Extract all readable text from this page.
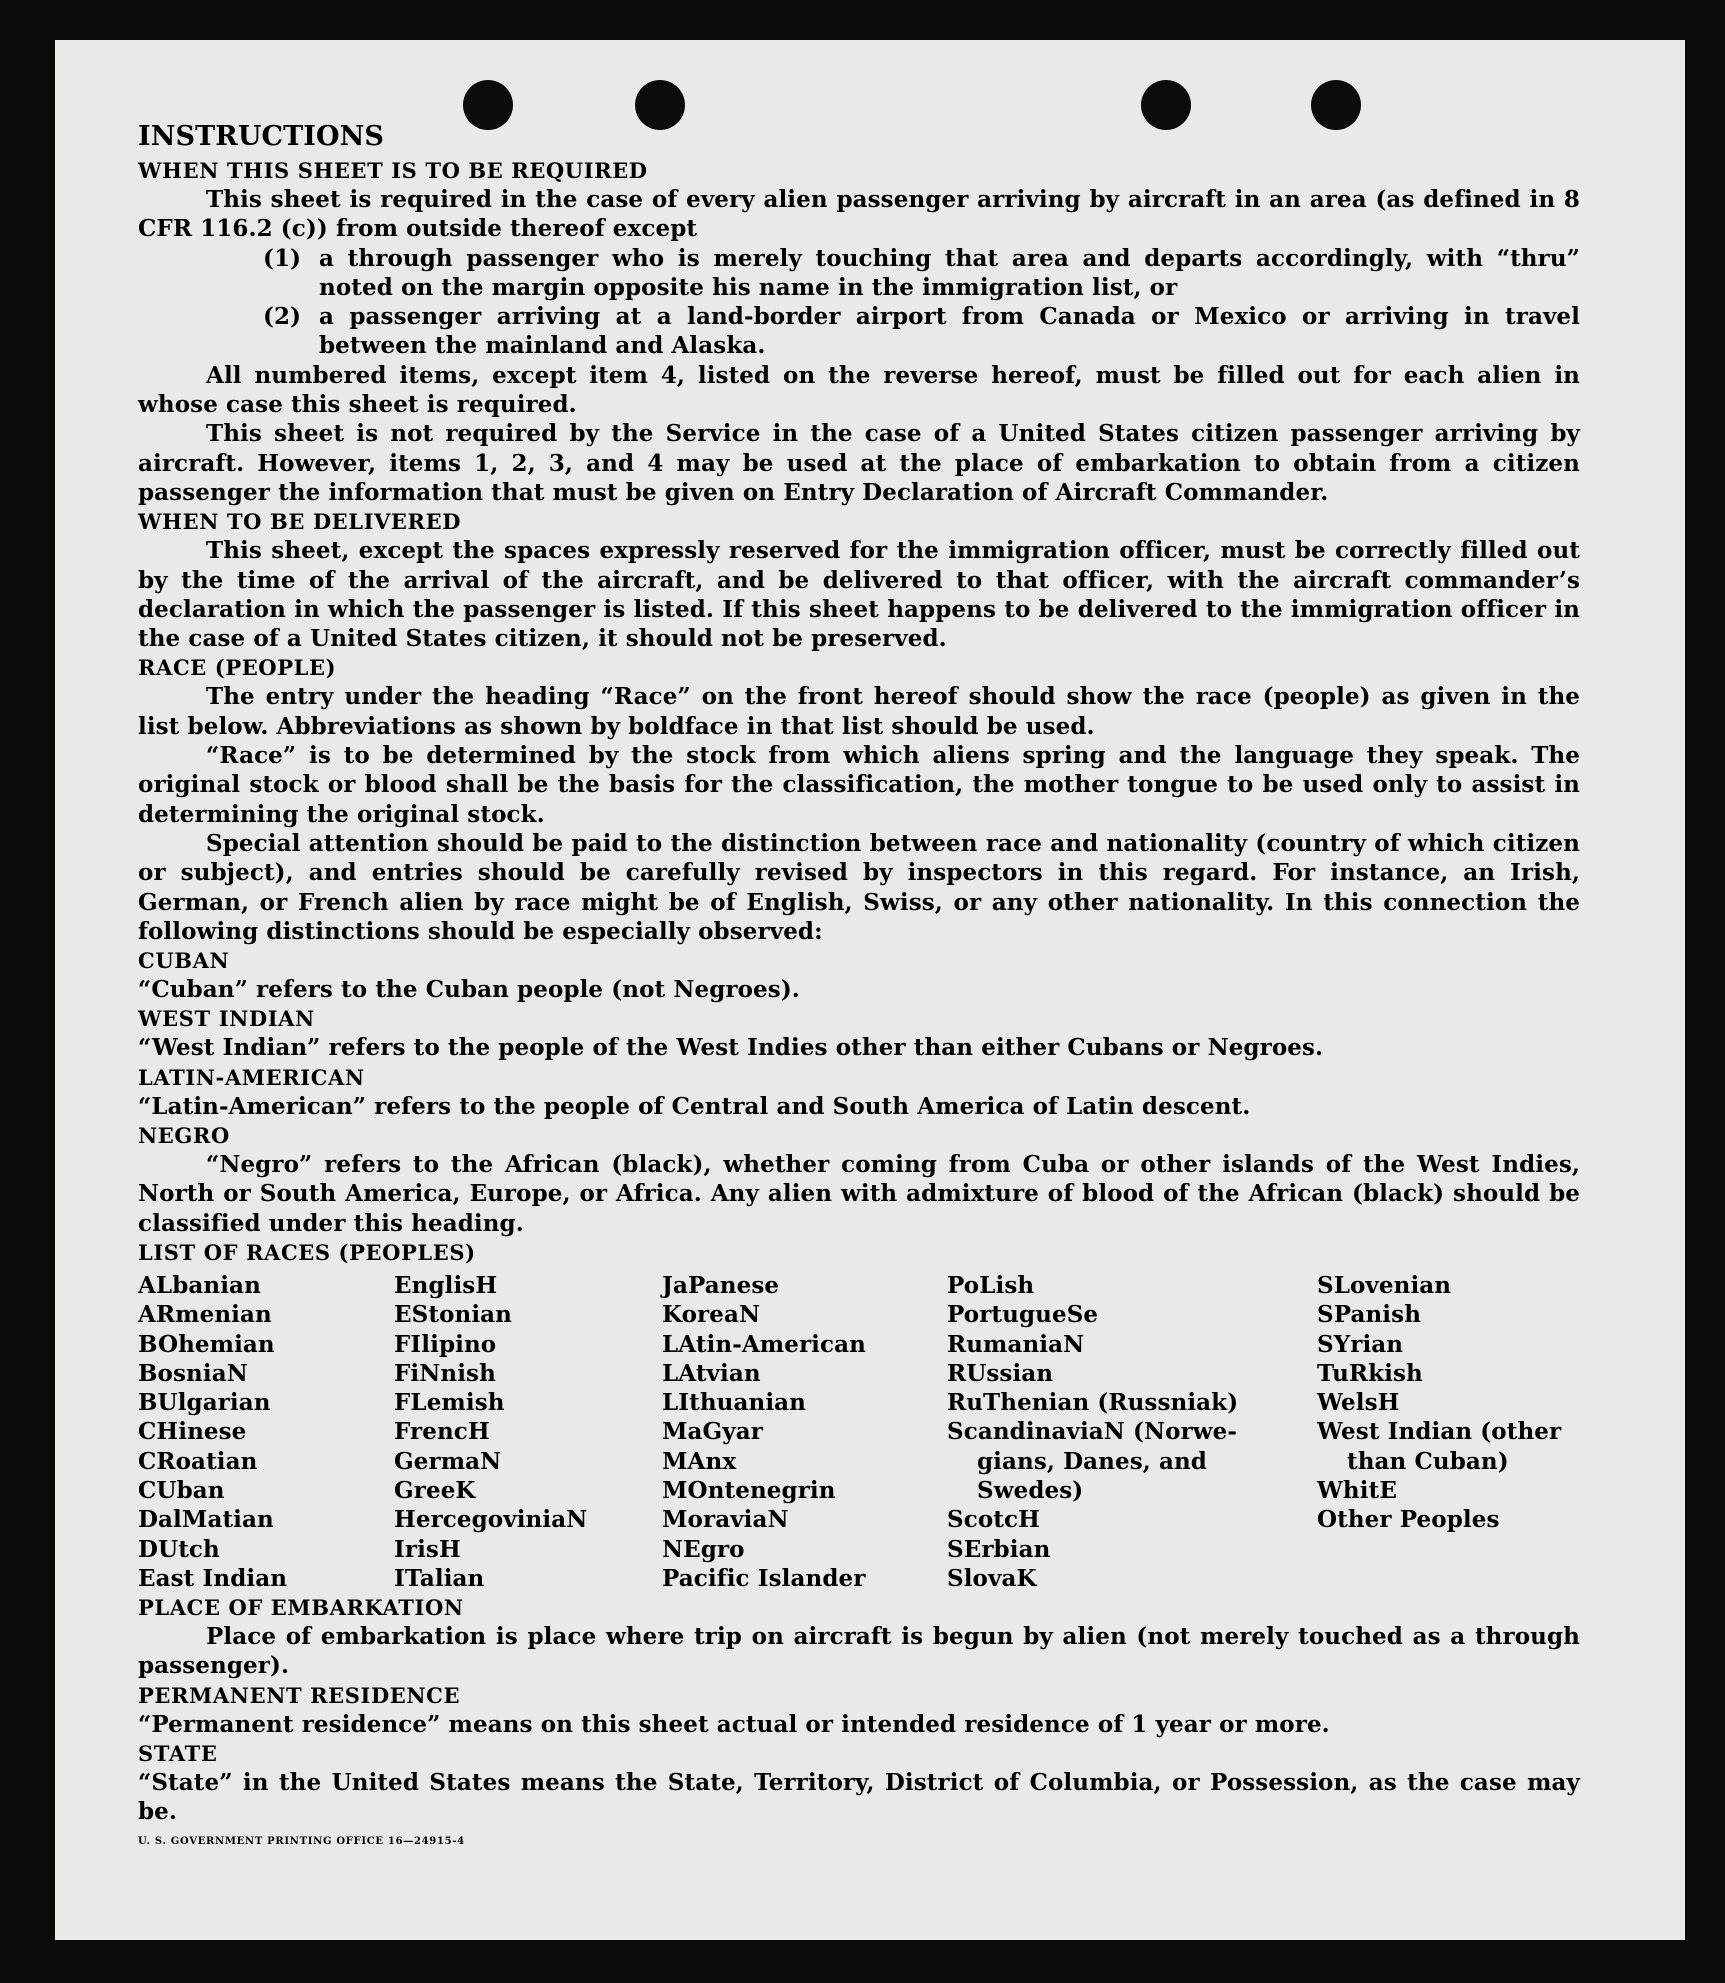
INSTRUCTIONS

WHEN THIS SHEET IS TO BE REQUIRED

This sheet is required in the case of every alien passenger arriving by aircraft in an area (as defined in 8 CFR 116.2 (c)) from outside thereof except

(1) a through passenger who is merely touching that area and departs accordingly, with “thru” noted on the margin opposite his name in the immigration list, or
(2) a passenger arriving at a land-border airport from Canada or Mexico or arriving in travel between the mainland and Alaska.

All numbered items, except item 4, listed on the reverse hereof, must be filled out for each alien in whose case this sheet is required.

This sheet is not required by the Service in the case of a United States citizen passenger arriving by aircraft. However, items 1, 2, 3, and 4 may be used at the place of embarkation to obtain from a citizen passenger the information that must be given on Entry Declaration of Aircraft Commander.

WHEN TO BE DELIVERED

This sheet, except the spaces expressly reserved for the immigration officer, must be correctly filled out by the time of the arrival of the aircraft, and be delivered to that officer, with the aircraft commander’s declaration in which the passenger is listed. If this sheet happens to be delivered to the immigration officer in the case of a United States citizen, it should not be preserved.

RACE (PEOPLE)

The entry under the heading “Race” on the front hereof should show the race (people) as given in the list below. Abbreviations as shown by boldface in that list should be used.

“Race” is to be determined by the stock from which aliens spring and the language they speak. The original stock or blood shall be the basis for the classification, the mother tongue to be used only to assist in determining the original stock.

Special attention should be paid to the distinction between race and nationality (country of which citizen or subject), and entries should be carefully revised by inspectors in this regard. For instance, an Irish, German, or French alien by race might be of English, Swiss, or any other nationality. In this connection the following distinctions should be especially observed:

CUBAN

“Cuban” refers to the Cuban people (not Negroes).

WEST INDIAN

“West Indian” refers to the people of the West Indies other than either Cubans or Negroes.

LATIN-AMERICAN

“Latin-American” refers to the people of Central and South America of Latin descent.

NEGRO

“Negro” refers to the African (black), whether coming from Cuba or other islands of the West Indies, North or South America, Europe, or Africa. Any alien with admixture of blood of the African (black) should be classified under this heading.

LIST OF RACES (PEOPLES)

ALbanian
ARmenian
BOhemian
BosniaN
BUlgarian
CHinese
CRoatian
CUban
DalMatian
DUtch
East Indian
EnglisH
EStonian
FIlipino
FiNnish
FLemish
FrencH
GermaN
GreeK
HercegoviniaN
IrisH
ITalian
JaPanese
KoreaN
LAtin-American
LAtvian
LIthuanian
MaGyar
MAnx
MOntenegrin
MoraviaN
NEgro
Pacific Islander
PoLish
PortugueSe
RumaniaN
RUssian
RuThenian (Russniak)
ScandinaviaN (Norwe-
gians, Danes, and
Swedes)
ScotcH
SErbian
SlovaK
SLovenian
SPanish
SYrian
TuRkish
WelsH
West Indian (other
than Cuban)
WhitE
Other Peoples

PLACE OF EMBARKATION

Place of embarkation is place where trip on aircraft is begun by alien (not merely touched as a through passenger).

PERMANENT RESIDENCE

“Permanent residence” means on this sheet actual or intended residence of 1 year or more.

STATE

“State” in the United States means the State, Territory, District of Columbia, or Possession, as the case may be.

U. S. GOVERNMENT PRINTING OFFICE 16—24915-4
